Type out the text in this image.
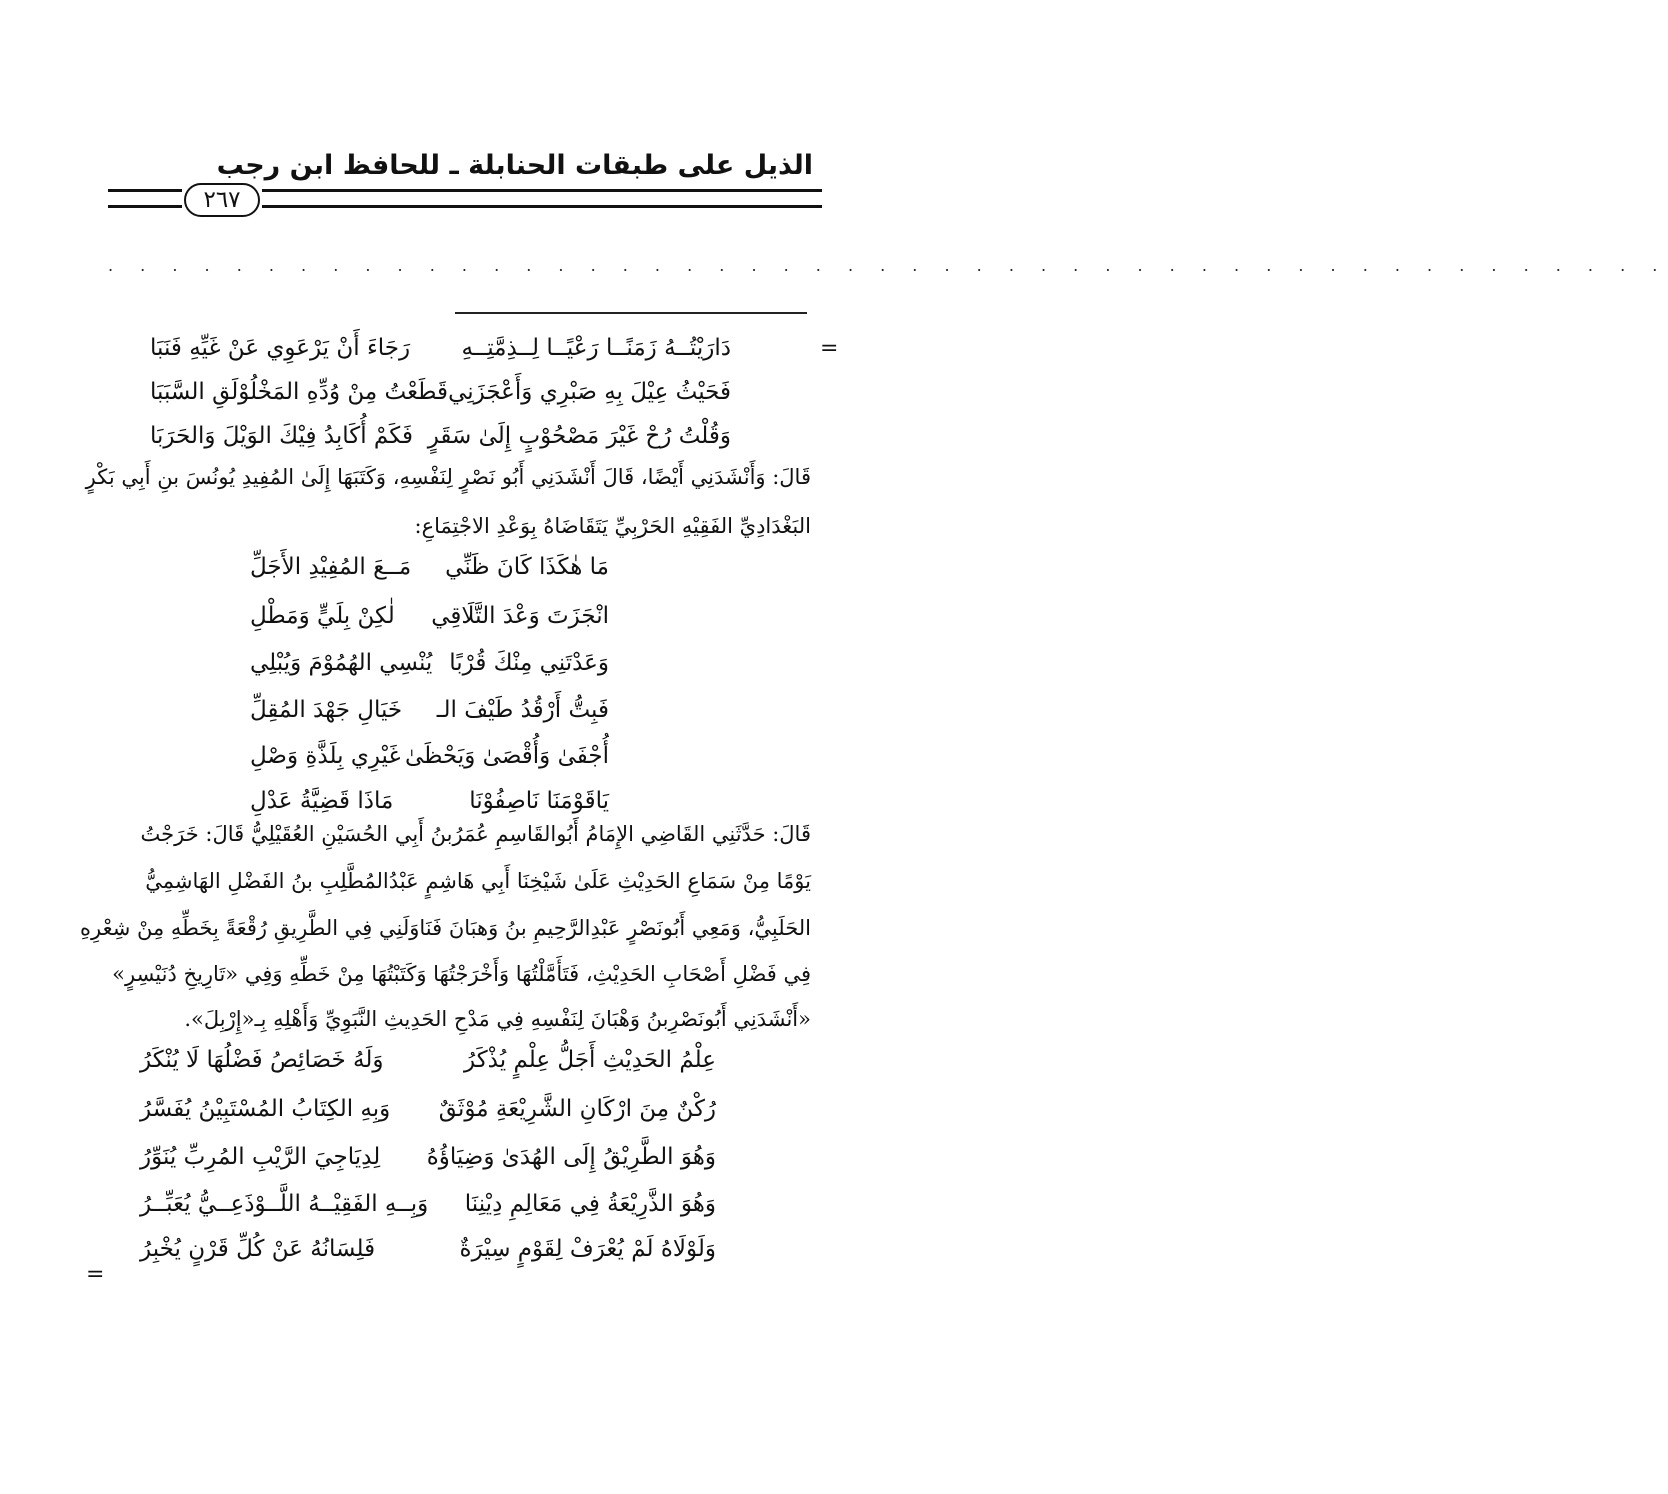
الذيل على طبقات الحنابلة ـ للحافظ ابن رجب
٢٦٧
. . . . . . . . . . . . . . . . . . . . . . . . . . . . . . . . . . . . . . . . . . . . . . . . .
=
=
دَارَيْتُــهُ زَمَنًــا رَعْيًــا لِــذِمَّتِــهِ
رَجَاءَ أَنْ يَرْعَوِي عَنْ غَيِّهِ فَنَبَا
فَحَيْثُ عِيْلَ بِهِ صَبْرِي وَأَعْجَزَنِي
قَطَعْتُ مِنْ وُدِّهِ المَخْلُوْلَقِ السَّبَبَا
وَقُلْتُ رُحْ غَيْرَ مَصْحُوْبٍ إِلَىٰ سَقَرٍ
فَكَمْ أُكَابِدُ فِيْكَ الوَيْلَ وَالحَرَبَا
قَالَ: وَأَنْشَدَنِي أَيْضًا، قَالَ أَنْشَدَنِي أَبُو نَصْرٍ لِنَفْسِهِ، وَكَتَبَهَا إِلَىٰ المُفِيدِ يُونُسَ بنِ أَبِي بَكْرٍ
البَغْدَادِيِّ الفَقِيْهِ الحَرْبِيِّ يَتَقَاضَاهُ بِوَعْدِ الاجْتِمَاعِ:
مَا هٰكَذَا كَانَ ظَنِّي
مَــعَ المُفِيْدِ الأَجَلِّ
انْجَزَتَ وَعْدَ التَّلَاقِي
لٰكِنْ بِلَيٍّ وَمَطْلِ
وَعَدْتَنِي مِنْكَ قُرْبًا
يُنْسِي الهُمُوْمَ وَيُبْلِي
فَبِتُّ أَرْقُدُ طَيْفَ الـ
خَيَالِ جَهْدَ المُقِلِّ
أُجْفَىٰ وَأُقْصَىٰ وَيَحْظَىٰ
غَيْرِي بِلَذَّةِ وَصْلِ
يَاقَوْمَنَا نَاصِفُوْنَا
مَاذَا قَضِيَّةُ عَدْلِ
قَالَ: حَدَّثَنِي القَاضِي الإِمَامُ أَبُوالقَاسِمِ عُمَرُبنُ أَبِي الحُسَيْنِ العُقَيْلِيُّ قَالَ: خَرَجْتُ
يَوْمًا مِنْ سَمَاعِ الحَدِيْثِ عَلَىٰ شَيْخِنَا أَبِي هَاشِمٍ عَبْدُالمُطَّلِبِ بنُ الفَضْلِ الهَاشِمِيُّ
الحَلَبِيُّ، وَمَعِي أَبُونَصْرٍ عَبْدِالرَّحِيمِ بنُ وَهبَانَ فَنَاوَلَنِي فِي الطَّرِيقِ رُقْعَةً بِخَطِّهِ مِنْ شِعْرِهِ
فِي فَضْلِ أَصْحَابِ الحَدِيْثِ، فَتَأَمَّلْتُهَا وَأَخْرَجْتُهَا وَكَتَبْتُهَا مِنْ خَطِّهِ وَفِي «تَارِيخِ دُنَيْسِرٍ»
«أَنْشَدَنِي أَبُونَصْرِبنُ وَهْبَانَ لِنَفْسِهِ فِي مَدْحِ الحَدِيثِ النَّبَوِيِّ وَأَهْلِهِ بِـ«إِرْبِلَ».
عِلْمُ الحَدِيْثِ أَجَلُّ عِلْمٍ يُذْكَرُ
وَلَهُ خَصَائِصُ فَضْلُهَا لَا يُنْكَرُ
رُكْنٌ مِنَ ارْكَانِ الشَّرِيْعَةِ مُوْثَقٌ
وَبِهِ الكِتَابُ المُسْتَبِيْنُ يُفَسَّرُ
وَهُوَ الطَّرِيْقُ إِلَى الهُدَىٰ وَضِيَاؤُهُ
لِدِيَاجِيَ الرَّيْبِ المُرِبِّ يُنَوِّرُ
وَهُوَ الذَّرِيْعَةُ فِي مَعَالِمِ دِيْنِنَا
وَبِــهِ الفَقِيْــهُ اللَّــوْذَعِــيُّ يُعَبِّــرُ
وَلَوْلَاهُ لَمْ يُعْرَفْ لِقَوْمٍ سِيْرَةٌ
فَلِسَانُهُ عَنْ كُلِّ قَرْنٍ يُخْبِرُ
